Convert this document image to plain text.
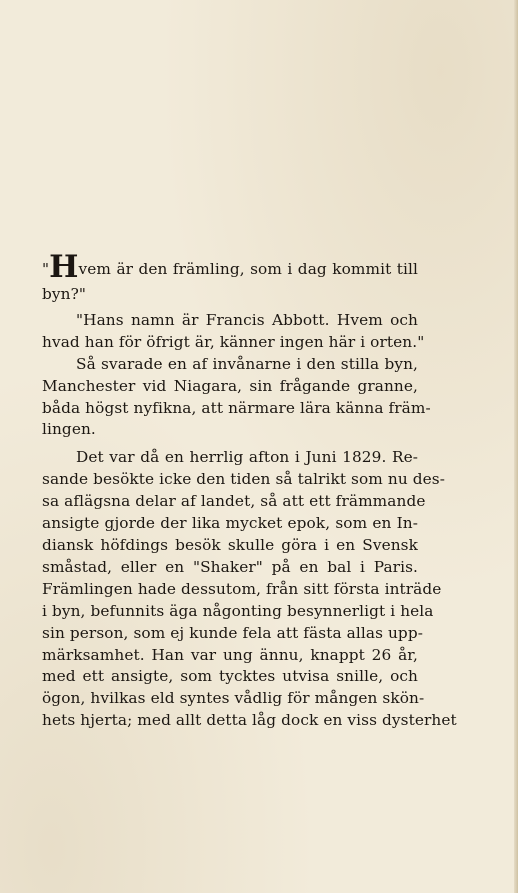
"Hvem är den främling, som i dag kommit till
byn?"
"Hans namn är Francis Abbott. Hvem och
hvad han för öfrigt är, känner ingen här i orten."
Så svarade en af invånarne i den stilla byn,
Manchester vid Niagara, sin frågande granne,
båda högst nyfikna, att närmare lära känna främ-
lingen.
Det var då en herrlig afton i Juni 1829. Re-
sande besökte icke den tiden så talrikt som nu des-
sa aflägsna delar af landet, så att ett främmande
ansigte gjorde der lika mycket epok, som en In-
diansk höfdings besök skulle göra i en Svensk
småstad, eller en "Shaker" på en bal i Paris.
Främlingen hade dessutom, från sitt första inträde
i byn, befunnits äga någonting besynnerligt i hela
sin person, som ej kunde fela att fästa allas upp-
märksamhet. Han var ung ännu, knappt 26 år,
med ett ansigte, som tycktes utvisa snille, och
ögon, hvilkas eld syntes vådlig för mången skön-
hets hjerta; med allt detta låg dock en viss dysterhet
